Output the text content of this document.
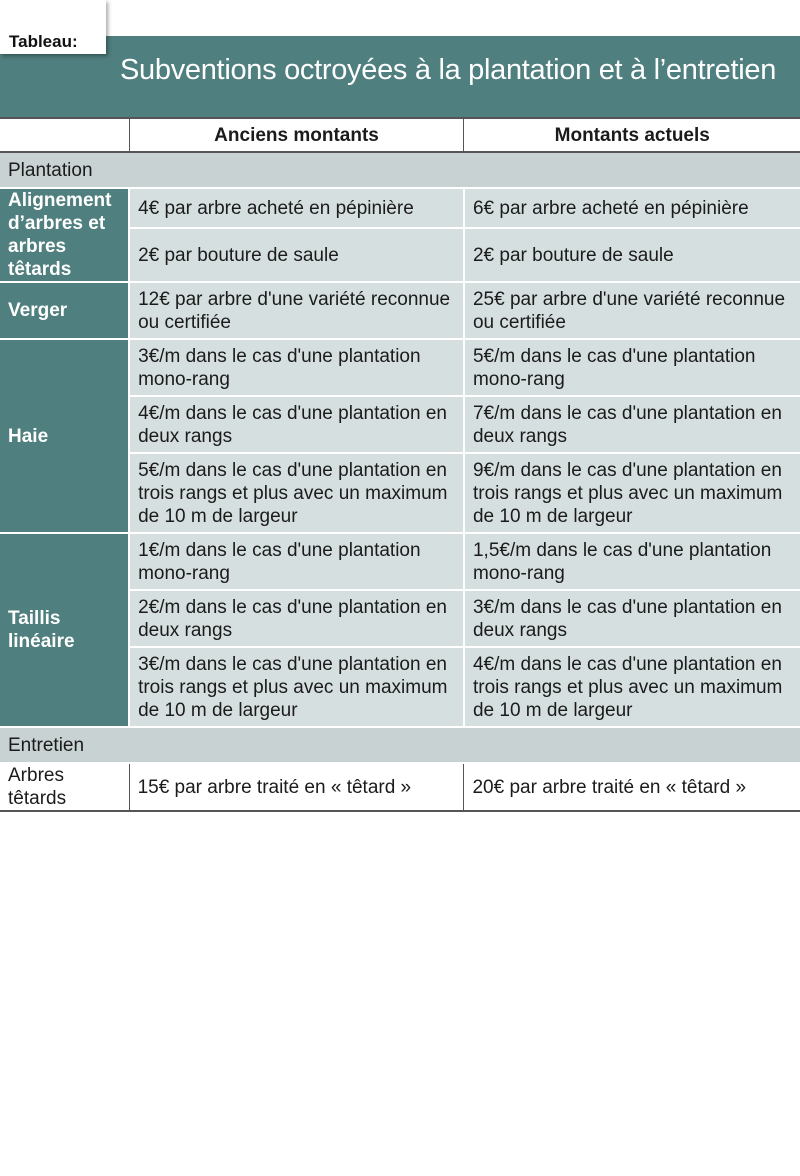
Tableau:
Subventions octroyées à la plantation et à l’entretien
	Anciens montants	Montants actuels
Plantation		
Alignement d’arbres et arbres têtards	4€ par arbre acheté en pépinière	6€ par arbre acheté en pépinière
	2€ par bouture de saule	2€ par bouture de saule
Verger	12€ par arbre d'une variété reconnue ou certifiée	25€ par arbre d'une variété reconnue ou certifiée
Haie	3€/m dans le cas d'une plantation mono-rang	5€/m dans le cas d'une plantation mono-rang
	4€/m dans le cas d'une plantation en deux rangs	7€/m dans le cas d'une plantation en deux rangs
	5€/m dans le cas d'une plantation en trois rangs et plus avec un maximum de 10 m de largeur	9€/m dans le cas d'une plantation en trois rangs et plus avec un maximum de 10 m de largeur
Taillis linéaire	1€/m dans le cas d'une plantation mono-rang	1,5€/m dans le cas d'une plantation mono-rang
	2€/m dans le cas d'une plantation en deux rangs	3€/m dans le cas d'une plantation en deux rangs
	3€/m dans le cas d'une plantation en trois rangs et plus avec un maximum de 10 m de largeur	4€/m dans le cas d'une plantation en trois rangs et plus avec un maximum de 10 m de largeur
Entretien		
Arbres têtards	15€ par arbre traité en « têtard »	20€ par arbre traité en « têtard »
